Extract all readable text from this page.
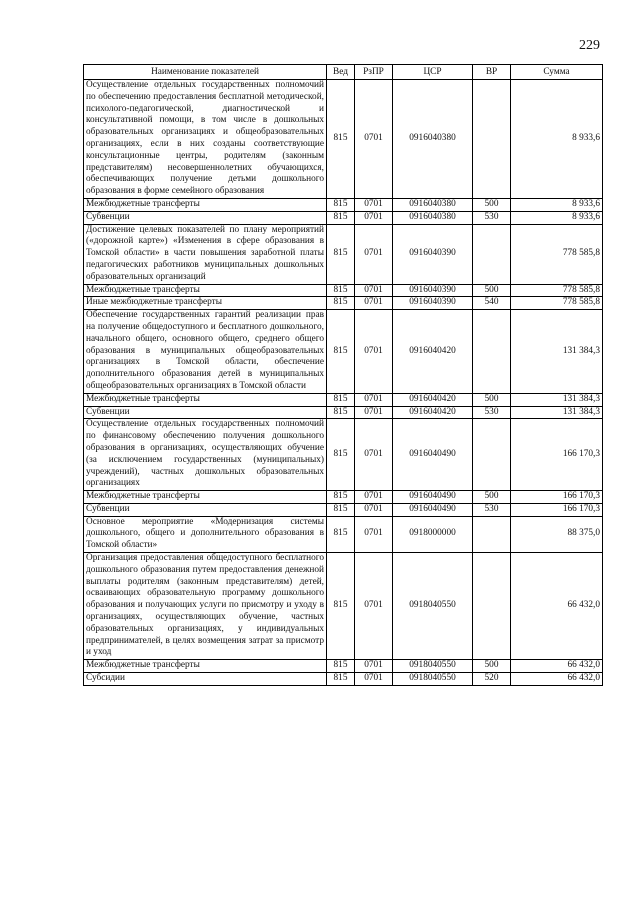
229
Наименование показателей	Вед	РзПР	ЦСР	ВР	Сумма
Осуществление отдельных государственных полномочий по обеспечению предоставления бесплатной методической, психолого-педагогической, диагностической и консультативной помощи, в том числе в дошкольных образовательных организациях и общеобразовательных организациях, если в них созданы соответствующие консультационные центры, родителям (законным представителям) несовершеннолетних обучающихся, обеспечивающих получение детьми дошкольного образования в форме семейного образования	815	0701	0916040380		8 933,6
Межбюджетные трансферты	815	0701	0916040380	500	8 933,6
Субвенции	815	0701	0916040380	530	8 933,6
Достижение целевых показателей по плану мероприятий («дорожной карте») «Изменения в сфере образования в Томской области» в части повышения заработной платы педагогических работников муниципальных дошкольных образовательных организаций	815	0701	0916040390		778 585,8
Межбюджетные трансферты	815	0701	0916040390	500	778 585,8
Иные межбюджетные трансферты	815	0701	0916040390	540	778 585,8
Обеспечение государственных гарантий реализации прав на получение общедоступного и бесплатного дошкольного, начального общего, основного общего, среднего общего образования в муниципальных общеобразовательных организациях в Томской области, обеспечение дополнительного образования детей в муниципальных общеобразовательных организациях в Томской области	815	0701	0916040420		131 384,3
Межбюджетные трансферты	815	0701	0916040420	500	131 384,3
Субвенции	815	0701	0916040420	530	131 384,3
Осуществление отдельных государственных полномочий по финансовому обеспечению получения дошкольного образования в организациях, осуществляющих обучение (за исключением государственных (муниципальных) учреждений), частных дошкольных образовательных организациях	815	0701	0916040490		166 170,3
Межбюджетные трансферты	815	0701	0916040490	500	166 170,3
Субвенции	815	0701	0916040490	530	166 170,3
Основное мероприятие «Модернизация системы дошкольного, общего и дополнительного образования в Томской области»	815	0701	0918000000		88 375,0
Организация предоставления общедоступного бесплатного дошкольного образования путем предоставления денежной выплаты родителям (законным представителям) детей, осваивающих образовательную программу дошкольного образования и получающих услуги по присмотру и уходу в организациях, осуществляющих обучение, частных образовательных организациях, у индивидуальных предпринимателей, в целях возмещения затрат за присмотр и уход	815	0701	0918040550		66 432,0
Межбюджетные трансферты	815	0701	0918040550	500	66 432,0
Субсидии	815	0701	0918040550	520	66 432,0
